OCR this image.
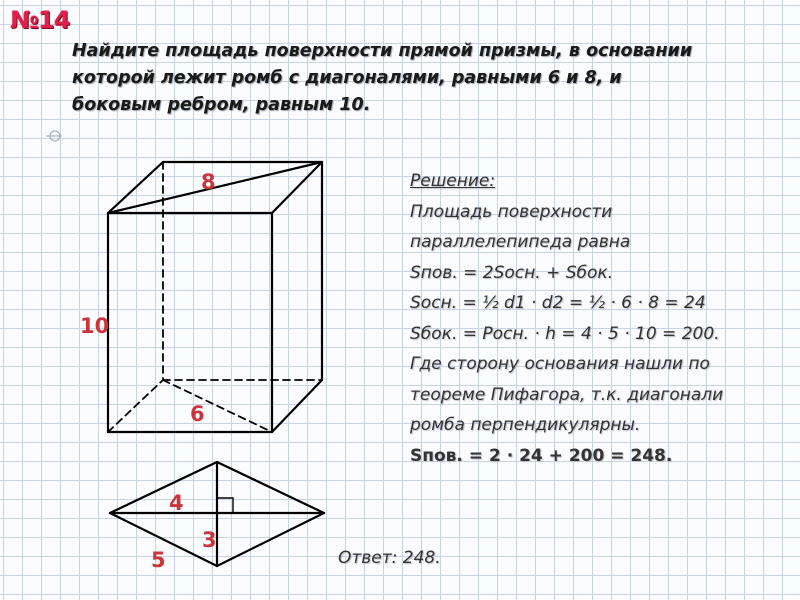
№14

Найдите площадь поверхности прямой призмы, в основании
которой лежит ромб с диагоналями, равными 6 и 8, и
боковым ребром, равным 10.

8
10
6
4
3
5
Решение:
Площадь поверхности
параллелепипеда равна
Sпов. = 2Sосн. + Sбок.
Sосн. = ½ d1 · d2 = ½ · 6 · 8 = 24
Sбок. = Pосн. · h = 4 · 5 · 10 = 200.
Где сторону основания нашли по
теореме Пифагора, т.к. диагонали
ромба перпендикулярны.
Sпов. = 2 · 24 + 200 = 248.
Ответ: 248.
